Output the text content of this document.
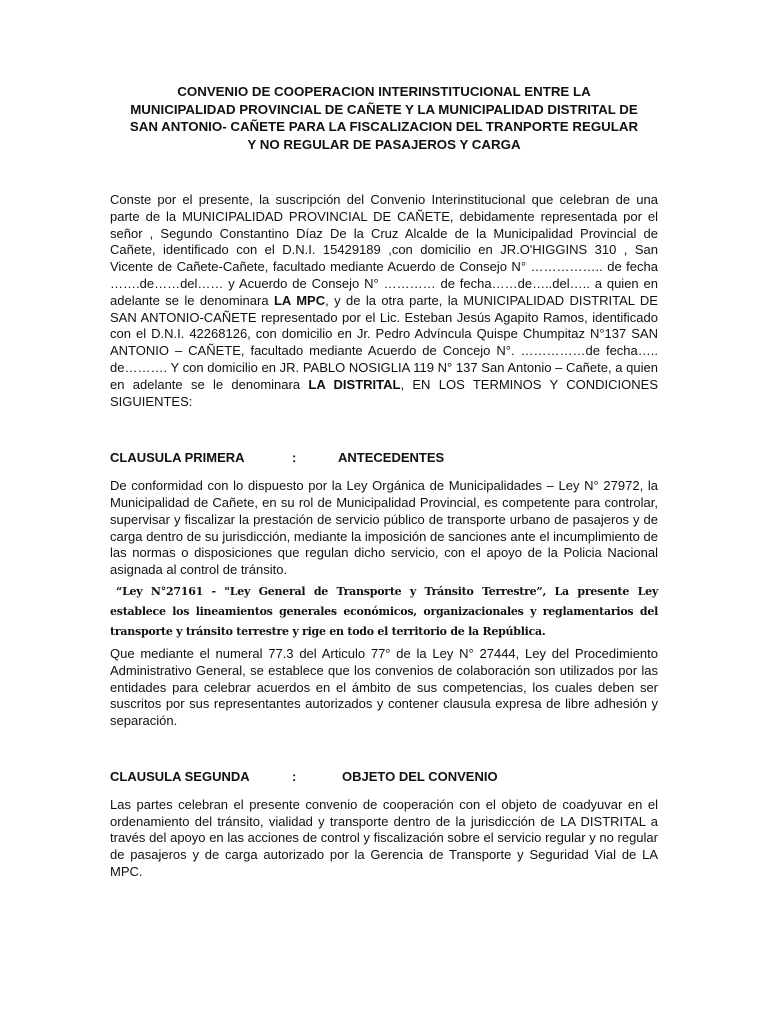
CONVENIO DE COOPERACION INTERINSTITUCIONAL ENTRE LA
MUNICIPALIDAD PROVINCIAL DE CAÑETE Y LA MUNICIPALIDAD DISTRITAL DE
SAN ANTONIO- CAÑETE PARA LA FISCALIZACION DEL TRANPORTE REGULAR
Y NO REGULAR DE PASAJEROS Y CARGA

Conste por el presente, la suscripción del Convenio Interinstitucional que celebran de una parte de la MUNICIPALIDAD PROVINCIAL DE CAÑETE, debidamente representada por el señor , Segundo Constantino Díaz De la Cruz Alcalde de la Municipalidad Provincial de Cañete, identificado con el D.N.I. 15429189 ,con domicilio en JR.O'HIGGINS 310 , San Vicente de Cañete-Cañete, facultado mediante Acuerdo de Consejo N° …………….. de fecha …….de……del…… y Acuerdo de Consejo N° ………… de fecha……de…..del….. a quien en adelante se le denominara LA MPC, y de la otra parte, la MUNICIPALIDAD DISTRITAL DE SAN ANTONIO-CAÑETE representado por el Lic. Esteban Jesús Agapito Ramos, identificado con el D.N.I. 42268126, con domicilio en Jr. Pedro Advíncula Quispe Chumpitaz N°137 SAN ANTONIO – CAÑETE, facultado mediante Acuerdo de Concejo N°. ……………de fecha….. de………. Y con domicilio en JR. PABLO NOSIGLIA 119 N° 137 San Antonio – Cañete, a quien en adelante se le denominara LA DISTRITAL, EN LOS TERMINOS Y CONDICIONES SIGUIENTES:

CLAUSULA PRIMERA	:	ANTECEDENTES

De conformidad con lo dispuesto por la Ley Orgánica de Municipalidades – Ley N° 27972, la Municipalidad de Cañete, en su rol de Municipalidad Provincial, es competente para controlar, supervisar y fiscalizar la prestación de servicio público de transporte urbano de pasajeros y de carga dentro de su jurisdicción, mediante la imposición de sanciones ante el incumplimiento de las normas o disposiciones que regulan dicho servicio, con el apoyo de la Policia Nacional asignada al control de tránsito.

“Ley N°27161 - "Ley General de Transporte y Tránsito Terrestre”, La presente Ley establece los lineamientos generales económicos, organizacionales y reglamentarios del transporte y tránsito terrestre y rige en todo el territorio de la República.

Que mediante el numeral 77.3 del Articulo 77° de la Ley N° 27444, Ley del Procedimiento Administrativo General, se establece que los convenios de colaboración son utilizados por las entidades para celebrar acuerdos en el ámbito de sus competencias, los cuales deben ser suscritos por sus representantes autorizados y contener clausula expresa de libre adhesión y separación.

CLAUSULA SEGUNDA	:	OBJETO DEL CONVENIO

Las partes celebran el presente convenio de cooperación con el objeto de coadyuvar en el ordenamiento del tránsito, vialidad y transporte dentro de la jurisdicción de LA DISTRITAL a través del apoyo en las acciones de control y fiscalización sobre el servicio regular y no regular de pasajeros y de carga autorizado por la Gerencia de Transporte y Seguridad Vial de LA MPC.
